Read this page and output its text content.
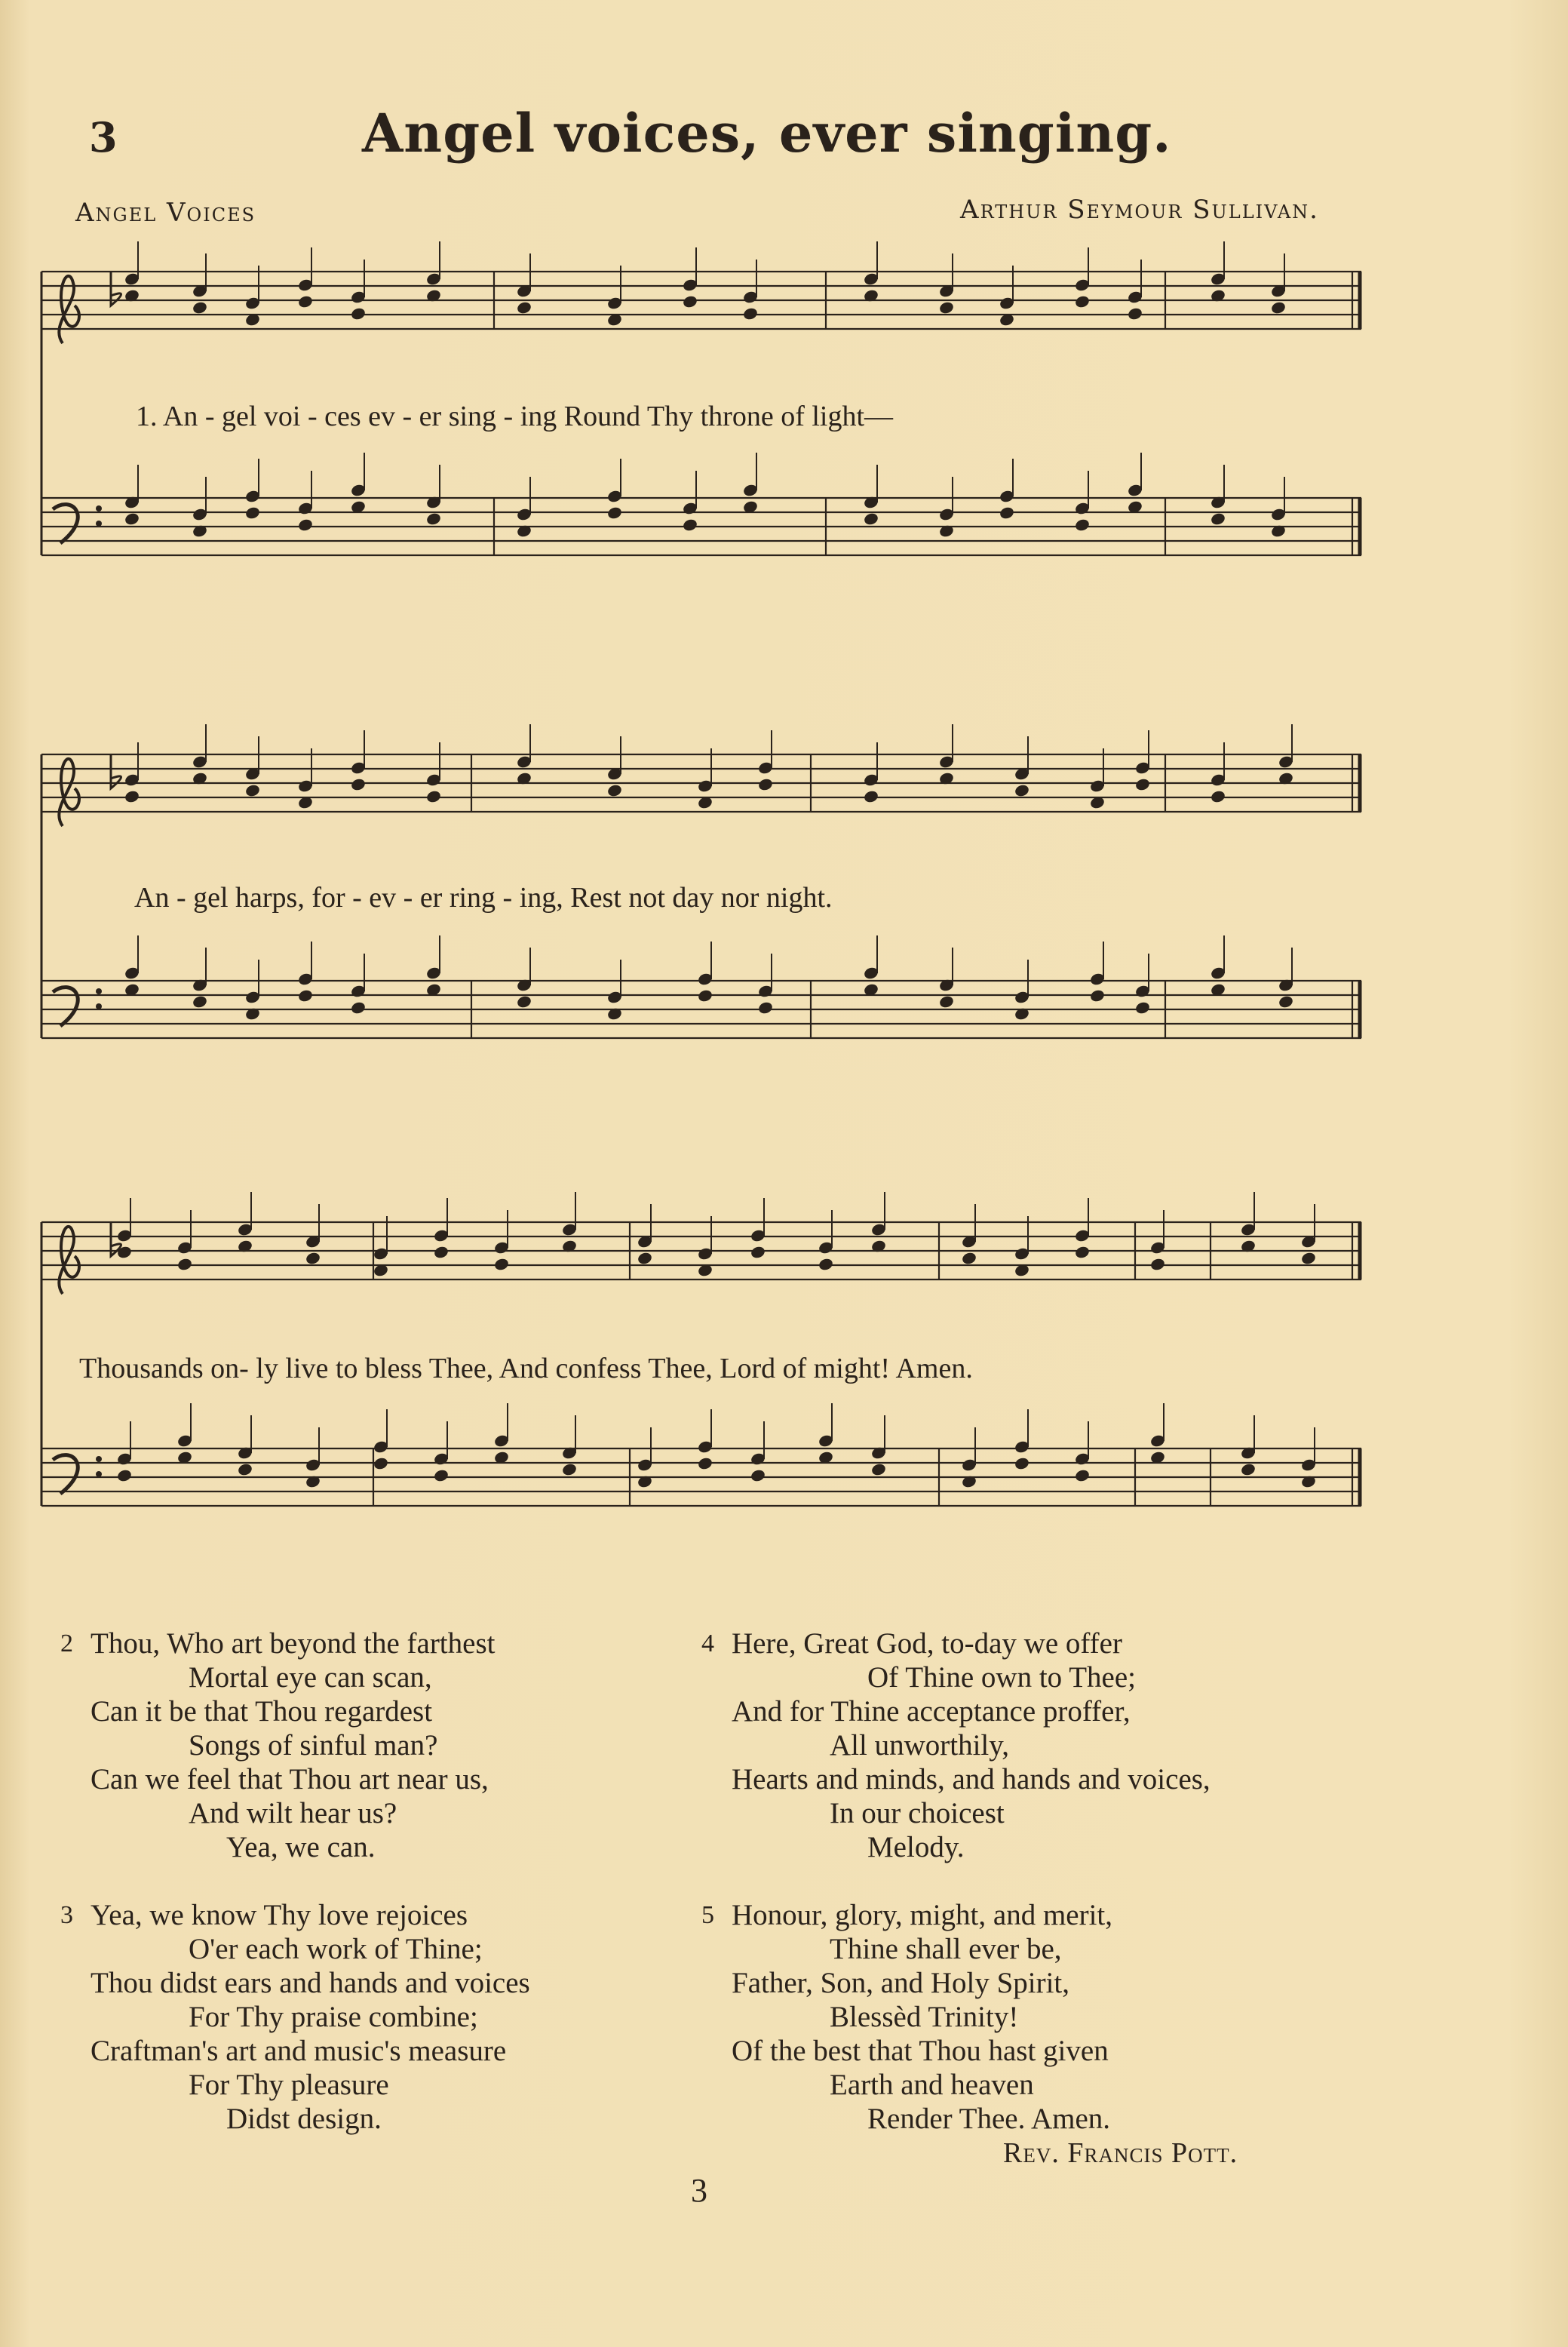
3	Angel voices, ever singing.
Angel Voices	Arthur Seymour Sullivan.
1. An - gel voi - ces ev - er sing - ing Round Thy throne of light—
An - gel harps, for - ev - er ring - ing, Rest not day nor night.
Thousands on- ly live to bless Thee, And confess Thee, Lord of might! Amen.
2 Thou, Who art beyond the farthest
Mortal eye can scan,
Can it be that Thou regardest
Songs of sinful man?
Can we feel that Thou art near us,
And wilt hear us?
Yea, we can.
3 Yea, we know Thy love rejoices
O'er each work of Thine;
Thou didst ears and hands and voices
For Thy praise combine;
Craftman's art and music's measure
For Thy pleasure
Didst design.
4 Here, Great God, to-day we offer
Of Thine own to Thee;
And for Thine acceptance proffer,
All unworthily,
Hearts and minds, and hands and voices,
In our choicest
Melody.
5 Honour, glory, might, and merit,
Thine shall ever be,
Father, Son, and Holy Spirit,
Blessèd Trinity!
Of the best that Thou hast given
Earth and heaven
Render Thee. Amen.
Rev. Francis Pott.
3
